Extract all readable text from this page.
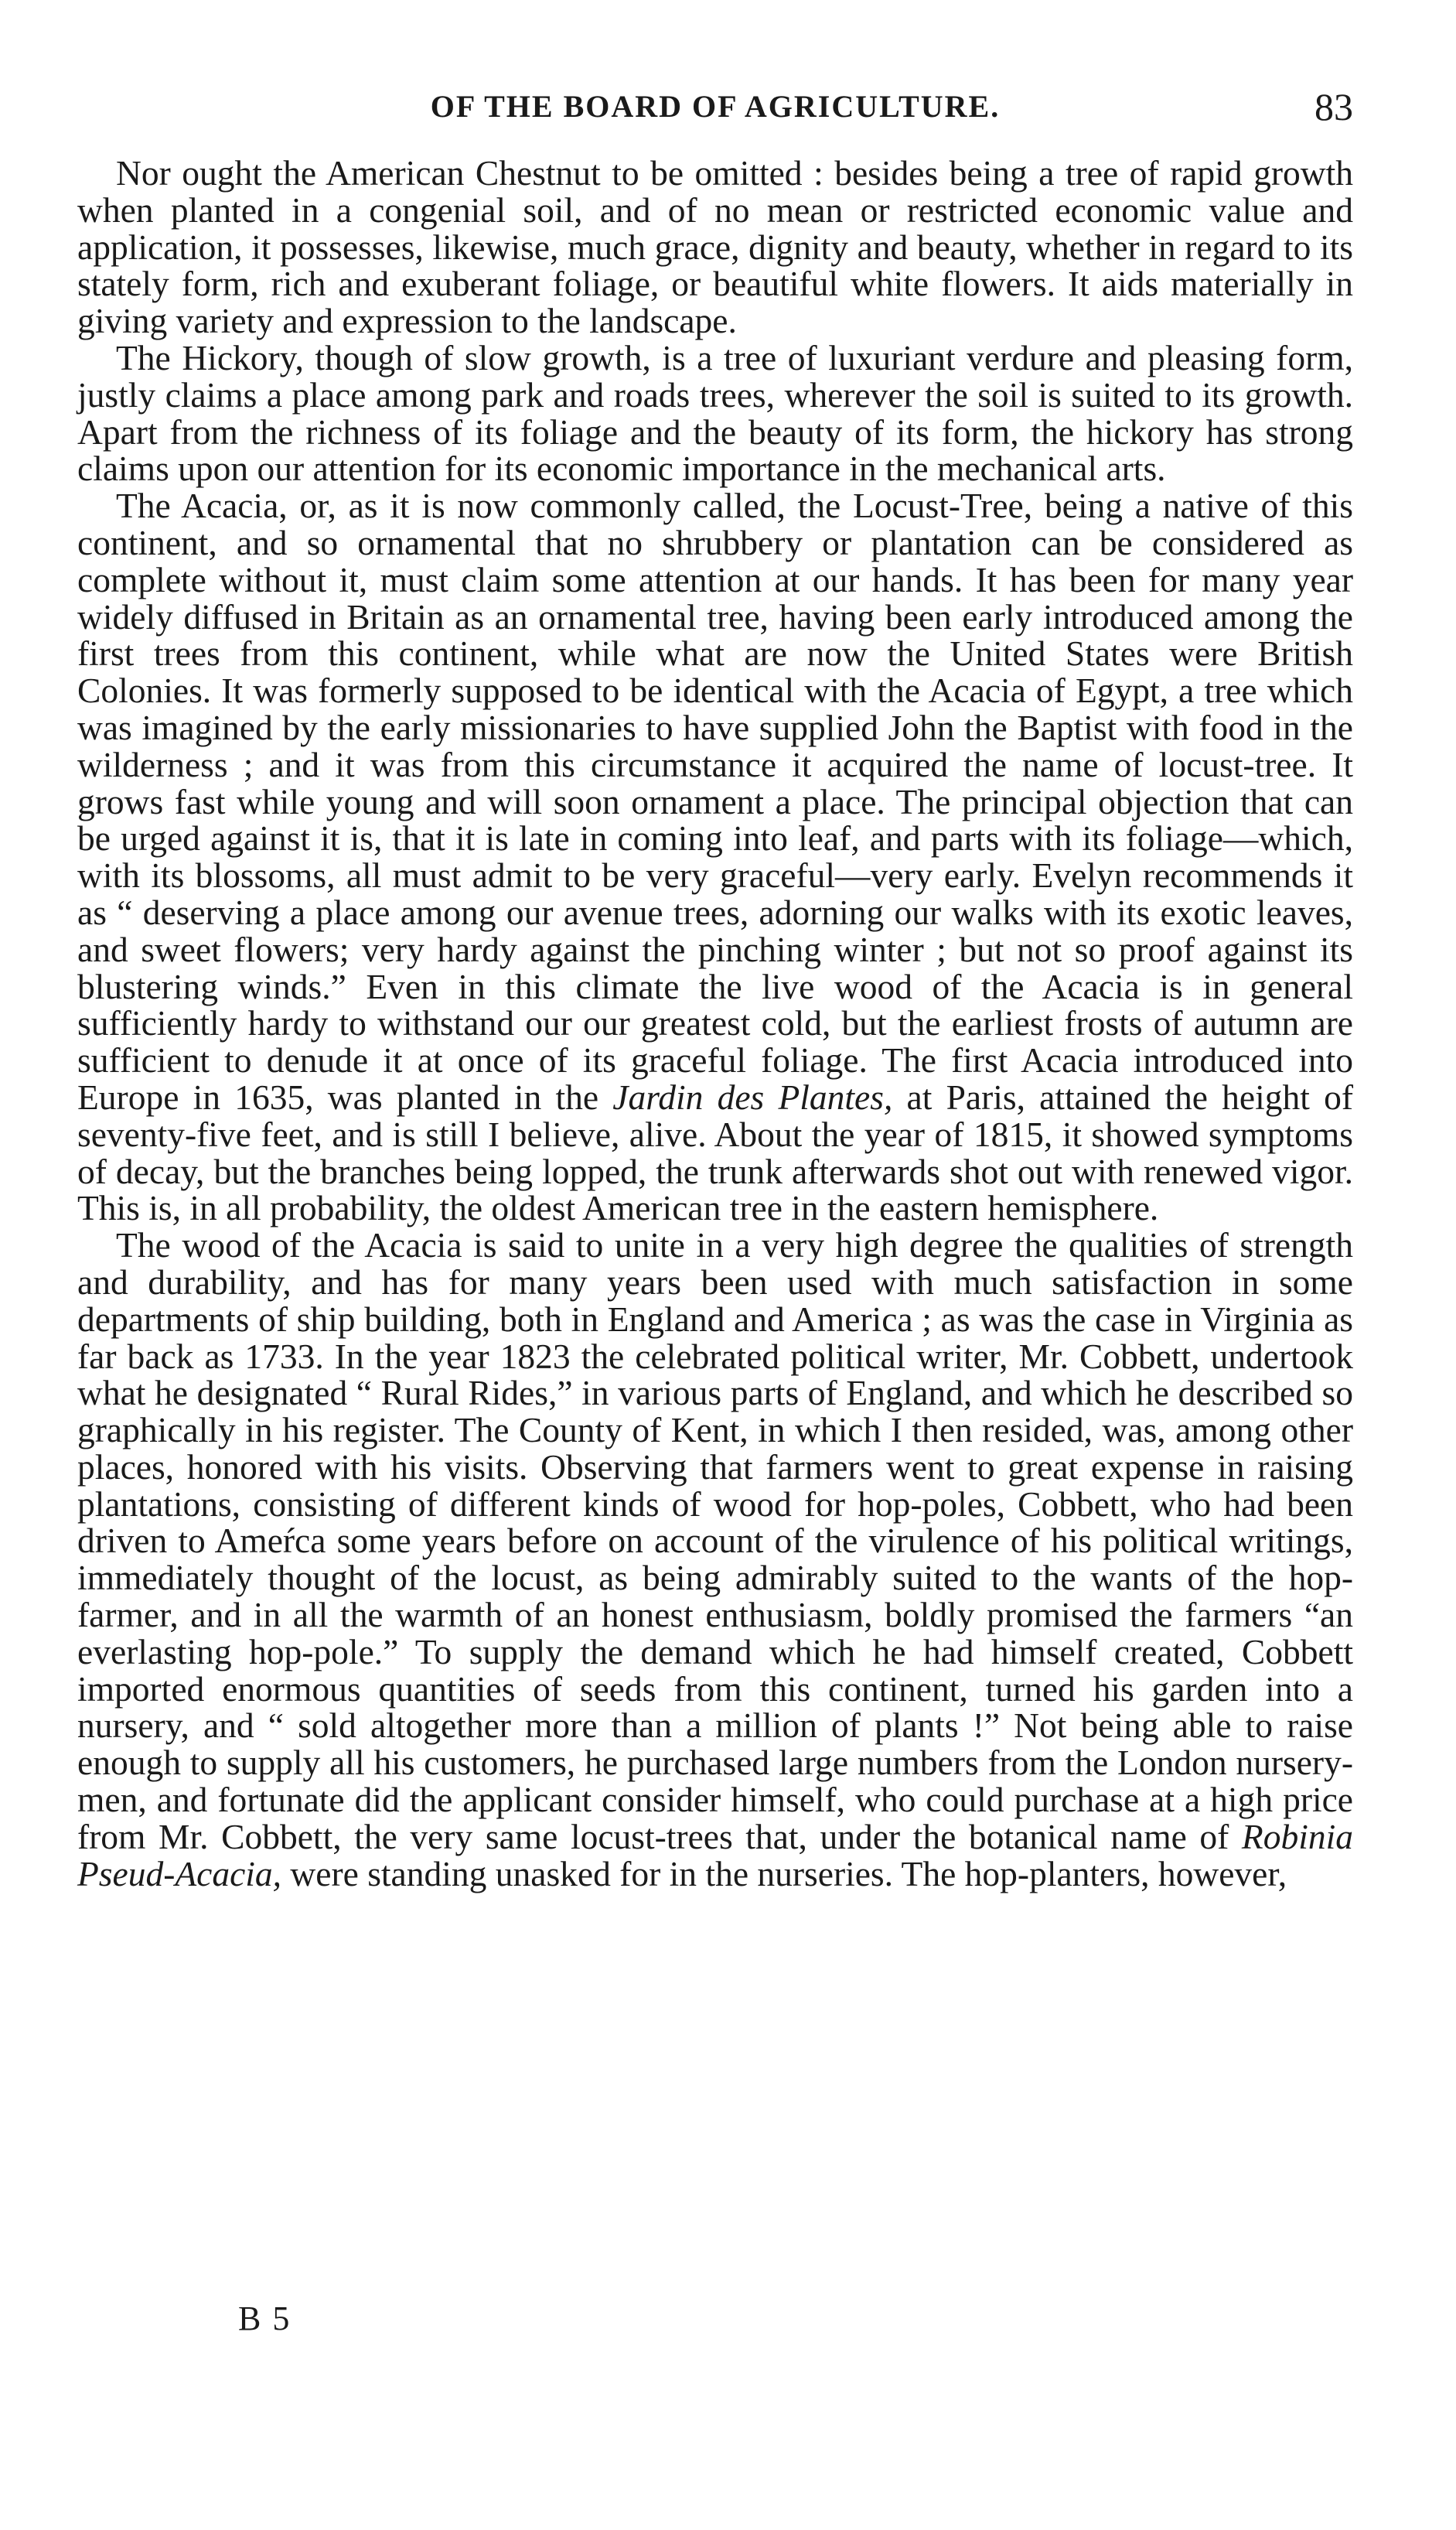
OF THE BOARD OF AGRICULTURE.	83

Nor ought the American Chestnut to be omitted : besides being a tree of rapid growth when planted in a congenial soil, and of no mean or restricted economic value and application, it possesses, likewise, much grace, dignity and beauty, whether in regard to its stately form, rich and exuberant foliage, or beautiful white flowers. It aids materially in giving variety and expression to the landscape.

The Hickory, though of slow growth, is a tree of luxuriant verdure and pleasing form, justly claims a place among park and roads trees, wherever the soil is suited to its growth. Apart from the richness of its foliage and the beauty of its form, the hickory has strong claims upon our attention for its economic importance in the mechanical arts.

The Acacia, or, as it is now commonly called, the Locust-Tree, being a native of this continent, and so ornamental that no shrubbery or plantation can be considered as complete without it, must claim some attention at our hands. It has been for many year widely diffused in Britain as an ornamental tree, having been early introduced among the first trees from this continent, while what are now the United States were British Colonies. It was formerly supposed to be identical with the Acacia of Egypt, a tree which was imagined by the early missionaries to have supplied John the Baptist with food in the wilderness ; and it was from this circumstance it acquired the name of locust-tree. It grows fast while young and will soon ornament a place. The principal objection that can be urged against it is, that it is late in coming into leaf, and parts with its foliage—which, with its blossoms, all must admit to be very graceful—very early. Evelyn recommends it as “ deserving a place among our avenue trees, adorning our walks with its exotic leaves, and sweet flowers; very hardy against the pinching winter ; but not so proof against its blustering winds.” Even in this climate the live wood of the Acacia is in general sufficiently hardy to withstand our our greatest cold, but the earliest frosts of autumn are sufficient to denude it at once of its graceful foliage. The first Acacia introduced into Europe in 1635, was planted in the Jardin des Plantes, at Paris, attained the height of seventy-five feet, and is still I believe, alive. About the year of 1815, it showed symptoms of decay, but the branches being lopped, the trunk afterwards shot out with renewed vigor. This is, in all probability, the oldest American tree in the eastern hemisphere.

The wood of the Acacia is said to unite in a very high degree the qualities of strength and durability, and has for many years been used with much satisfaction in some departments of ship building, both in England and America ; as was the case in Virginia as far back as 1733. In the year 1823 the celebrated political writer, Mr. Cobbett, undertook what he designated “ Rural Rides,” in various parts of England, and which he described so graphically in his register. The County of Kent, in which I then resided, was, among other places, honored with his visits. Observing that farmers went to great expense in raising plantations, consisting of different kinds of wood for hop-poles, Cobbett, who had been driven to Ameŕca some years before on account of the virulence of his political writings, immediately thought of the locust, as being admirably suited to the wants of the hop-farmer, and in all the warmth of an honest enthusiasm, boldly promised the farmers “an everlasting hop-pole.” To supply the demand which he had himself created, Cobbett imported enormous quantities of seeds from this continent, turned his garden into a nursery, and “ sold altogether more than a million of plants !” Not being able to raise enough to supply all his customers, he purchased large numbers from the London nursery-men, and fortunate did the applicant consider himself, who could purchase at a high price from Mr. Cobbett, the very same locust-trees that, under the botanical name of Robinia Pseud-Acacia, were standing unasked for in the nurseries. The hop-planters, however,

B 5
